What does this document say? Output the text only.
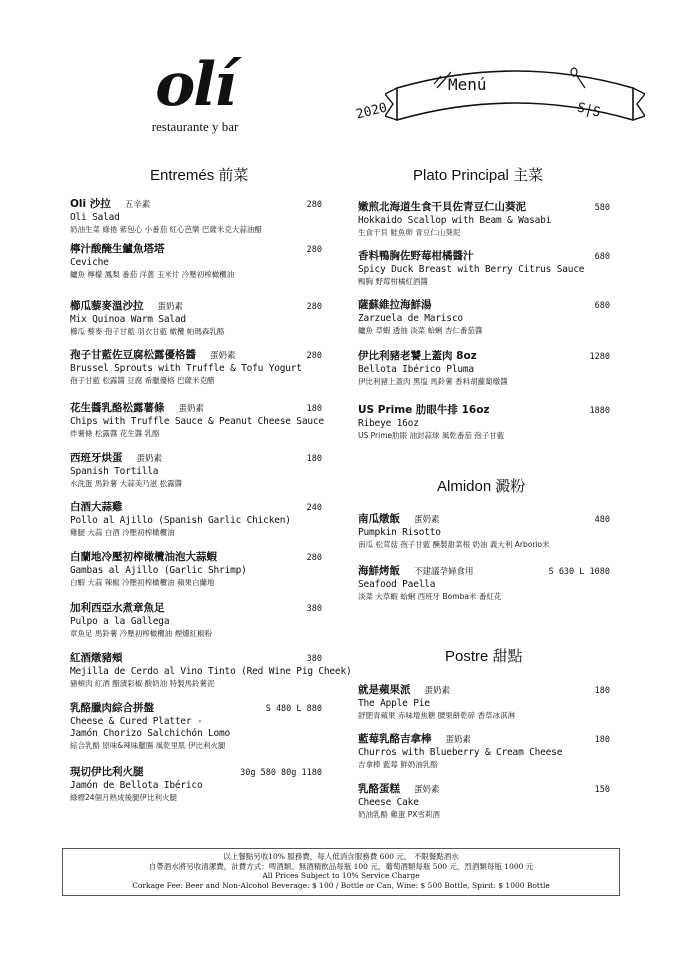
olí
restaurante y bar
Menú
2020	S|S
Entremés 前菜	Plato Principal 主菜
Almidon 澱粉
Postre 甜點
Oli 沙拉 五辛素
Oli Salad
奶油生菜 綠捲 紫包心 小番茄 紅心芭樂 巴薩米克大蒜油醋
280
檸汁酸醃生鱸魚塔塔
Ceviche
鱸魚 檸檬 鳳梨 番茄 洋蔥 玉米片 冷壓初榨橄欖油
280
櫛瓜藜麥溫沙拉 蛋奶素
Mix Quinoa Warm Salad
櫛瓜 藜麥 孢子甘藍 羽衣甘藍 橄欖 帕瑪森乳酪
280
孢子甘藍佐豆腐松露優格醬 蛋奶素
Brussel Sprouts with Truffle & Tofu Yogurt
孢子甘藍 松露醬 豆腐 希臘優格 巴薩米克醋
280
花生醬乳酪松露薯條 蛋奶素
Chips with Truffle Sauce & Peanut Cheese Sauce
炸薯條 松露醬 花生醬 乳酪
180
西班牙烘蛋 蛋奶素
Spanish Tortilla
水洗蛋 馬鈴薯 大蒜美乃滋 松露醬
180
白酒大蒜雞
Pollo al Ajillo (Spanish Garlic Chicken)
雞腿 大蒜 白酒 冷壓初榨橄欖油
240
白蘭地冷壓初榨橄欖油泡大蒜蝦
Gambas al Ajillo (Garlic Shrimp)
白蝦 大蒜 辣椒 冷壓初榨橄欖油 蘋果白蘭地
280
加利西亞水煮章魚足
Pulpo a la Gallega
章魚足 馬鈴薯 冷壓初榨橄欖油 煙燻紅椒粉
380
紅酒燉豬頰
Mejilla de Cerdo al Vino Tinto (Red Wine Pig Cheek)
豬頰肉 紅酒 醋漬彩椒 酸奶油 特製馬鈴薯泥
380
乳酪臘肉綜合拼盤
Cheese & Cured Platter -
Jamón Chorizo Salchichón Lomo
綜合乳酪 原味&辣味臘腸 風乾里肌 伊比利火腿
S 480 L 880
現切伊比利火腿
Jamón de Bellota Ibérico
綠標24個月熟成後腿伊比利火腿
30g 580 80g 1180
嫩煎北海道生食干貝佐青豆仁山葵泥
Hokkaido Scallop with Beam & Wasabi
生食干貝 鮭魚卵 青豆仁山葵泥
580
香料鴨胸佐野莓柑橘醬汁
Spicy Duck Breast with Berry Citrus Sauce
鴨胸 野莓柑橘紅酒醬
680
薩蘇維拉海鮮湯
Zarzuela de Marisco
鱸魚 草蝦 透抽 淡菜 蛤蜊 杏仁番茄醬
680
伊比利豬老饕上蓋肉 8oz
Bellota Ibérico Pluma
伊比利豬上蓋肉 黑塩 馬鈴薯 香料胡蘿蔔燉醬
1280
US Prime 肋眼牛排 16oz
Ribeye 16oz
US Prime肋眼 油封蒜球 風乾番茄 孢子甘藍
1880
南瓜燉飯 蛋奶素
Pumpkin Risotto
南瓜 松茸菇 孢子甘藍 醃製甜菜根 奶油 義大利 Arborio米
480
海鮮烤飯 不建議孕婦食用
Seafood Paella
淡菜 大草蝦 蛤蜊 西班牙 Bomba米 番紅花
S 630 L 1080
就是蘋果派 蛋奶素
The Apple Pie
舒肥青蘋果 赤味增焦糖 腰果餅乾碎 香草冰淇淋
180
藍莓乳酪吉拿棒 蛋奶素
Churros with Blueberry & Cream Cheese
吉拿棒 藍莓 鮮奶油乳酪
180
乳酪蛋糕 蛋奶素
Cheese Cake
奶油乳酪 雞蛋 PX雪莉酒
150
以上餐點另收10% 服務費，每人低消含服務費 600 元， 不限餐點酒水
自帶酒水將另收清潔費，計費方式：啤酒類、無酒精飲品每瓶 100 元，葡萄酒類每瓶 500 元，烈酒類每瓶 1000 元
All Prices Subject to 10% Service Charge
Corkage Fee: Beer and Non-Alcohol Beverage: $ 100 / Bottle or Can, Wine: $ 500 Bottle, Spirit: $ 1000 Bottle
